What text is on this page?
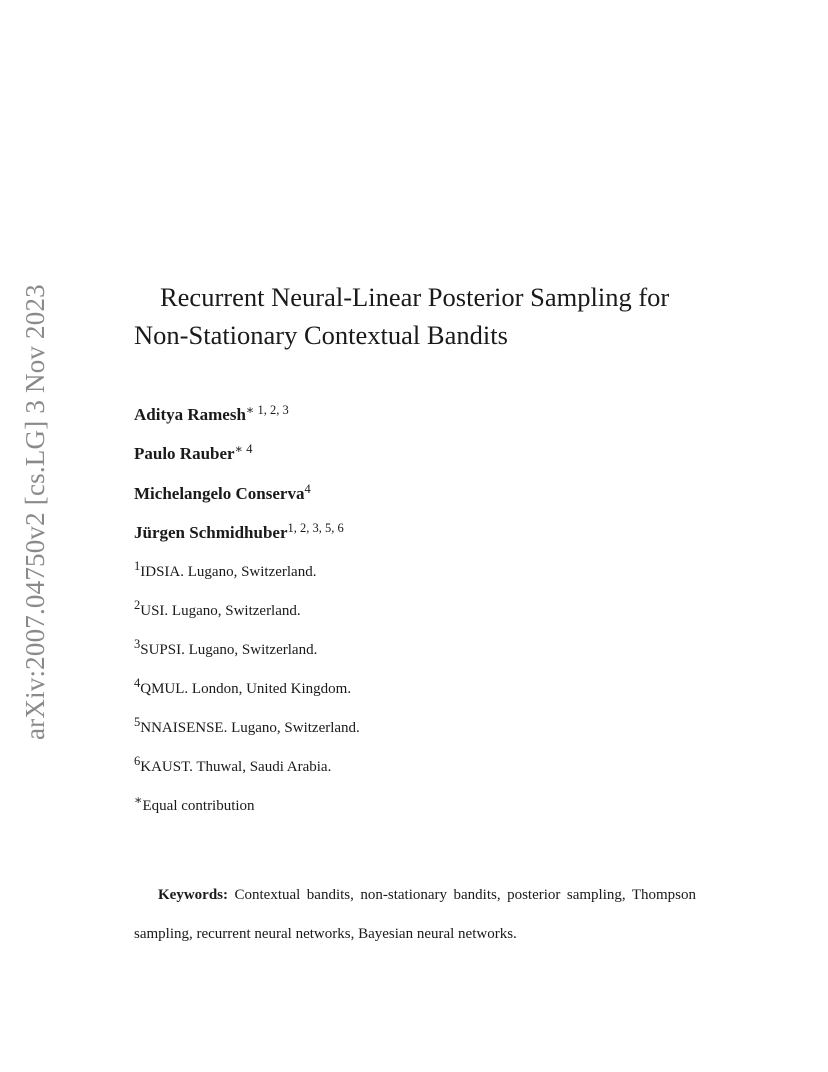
arXiv:2007.04750v2 [cs.LG] 3 Nov 2023	Recurrent Neural-Linear Posterior Sampling for
Non-Stationary Contextual Bandits
Aditya Ramesh$^{∗ 1, 2, 3}$
Paulo Rauber$^{∗ 4}$
Michelangelo Conserva$^4$
Jürgen Schmidhuber$^{1, 2, 3, 5, 6}$
$^1$IDSIA. Lugano, Switzerland.
$^2$USI. Lugano, Switzerland.
$^3$SUPSI. Lugano, Switzerland.
$^4$QMUL. London, United Kingdom.
$^5$NNAISENSE. Lugano, Switzerland.
$^6$KAUST. Thuwal, Saudi Arabia.
∗Equal contribution
Keywords: Contextual bandits, non-stationary bandits, posterior sampling, Thompson sampling, recurrent neural networks, Bayesian neural networks.
